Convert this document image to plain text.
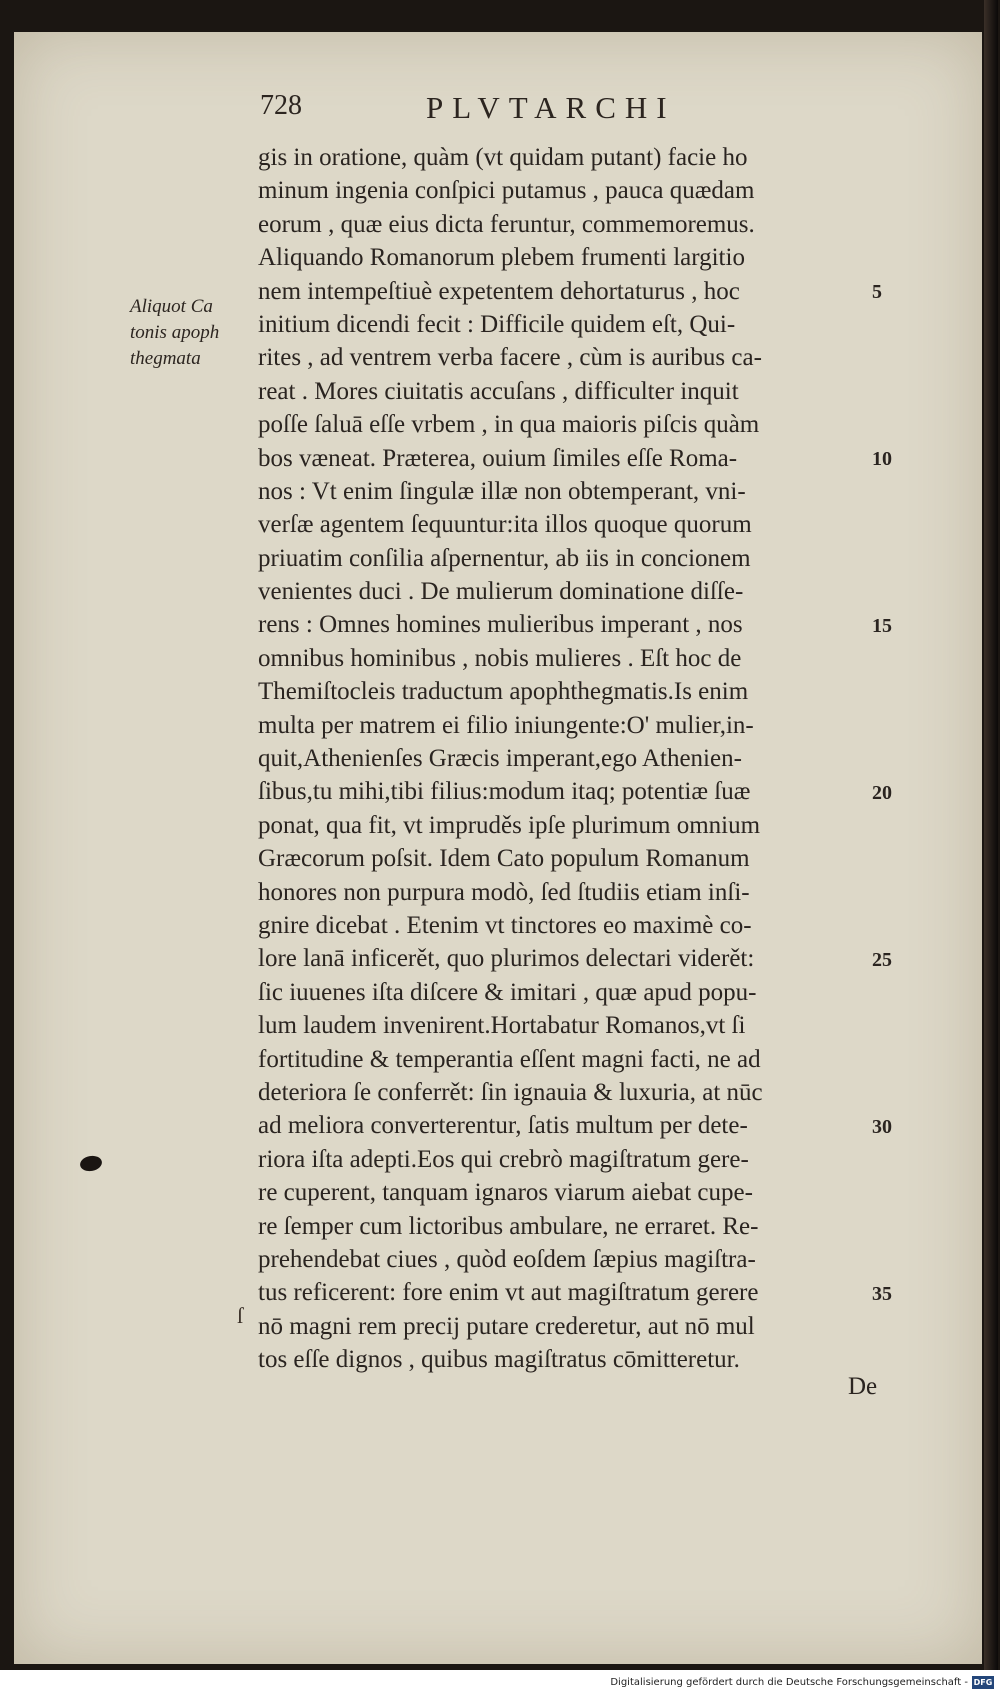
728	PLVTARCHI
Aliquot Ca
tonis apoph
thegmata
gis in oratione, quàm (vt quidam putant) facie ho
minum ingenia conſpici putamus , pauca quædam
eorum , quæ eius dicta feruntur, commemoremus.
Aliquando Romanorum plebem frumenti largitio
nem intempeſtiuè expetentem dehortaturus , hoc
initium dicendi fecit : Difficile quidem eſt, Qui-
rites , ad ventrem verba facere , cùm is auribus ca-
reat . Mores ciuitatis accuſans , difficulter inquit
poſſe ſaluā eſſe vrbem , in qua maioris piſcis quàm
bos væneat. Præterea, ouium ſimiles eſſe Roma-
nos : Vt enim ſingulæ illæ non obtemperant, vni-
verſæ agentem ſequuntur:ita illos quoque quorum
priuatim conſilia aſpernentur, ab iis in concionem
venientes duci . De mulierum dominatione diſſe-
rens : Omnes homines mulieribus imperant , nos
omnibus hominibus , nobis mulieres . Eſt hoc de
Themiſtocleis traductum apophthegmatis.Is enim
multa per matrem ei filio iniungente:O' mulier,in-
quit,Athenienſes Græcis imperant,ego Athenien-
ſibus,tu mihi,tibi filius:modum itaq; potentiæ ſuæ
ponat, qua fit, vt impruděs ipſe plurimum omnium
Græcorum poſsit. Idem Cato populum Romanum
honores non purpura modò, ſed ſtudiis etiam inſi-
gnire dicebat . Etenim vt tinctores eo maximè co-
lore lanā inficerět, quo plurimos delectari viderět:
ſic iuuenes iſta diſcere & imitari , quæ apud popu-
lum laudem invenirent.Hortabatur Romanos,vt ſi
fortitudine & temperantia eſſent magni facti, ne ad
deteriora ſe conferrět: ſin ignauia & luxuria, at nūc
ad meliora converterentur, ſatis multum per dete-
riora iſta adepti.Eos qui crebrò magiſtratum gere-
re cuperent, tanquam ignaros viarum aiebat cupe-
re ſemper cum lictoribus ambulare, ne erraret. Re-
prehendebat ciues , quòd eoſdem ſæpius magiſtra-
tus reficerent: fore enim vt aut magiſtratum gerere
nō magni rem precij putare crederetur, aut nō mul
tos eſſe dignos , quibus magiſtratus cōmitteretur.
5
10
15
20
25
30
35
De
ſ
Digitalisierung gefördert durch die Deutsche Forschungsgemeinschaft - DFG
